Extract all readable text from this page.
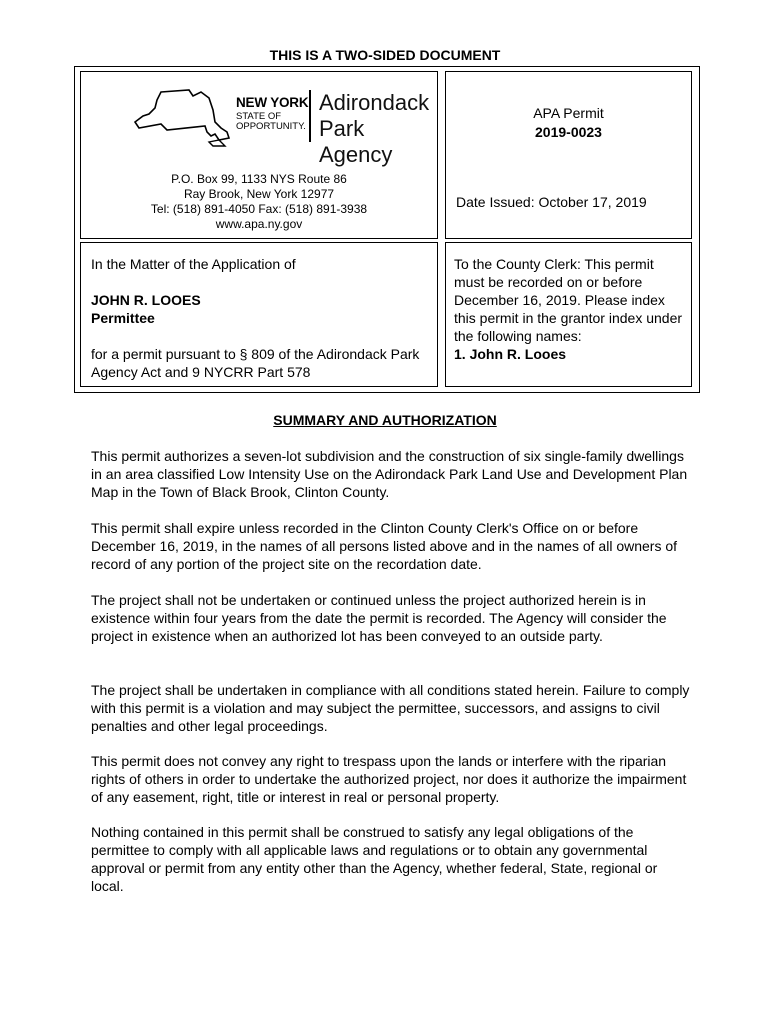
THIS IS A TWO-SIDED DOCUMENT
NEW YORK
STATE OF
OPPORTUNITY.
Adirondack
Park Agency
P.O. Box 99, 1133 NYS Route 86
Ray Brook, New York 12977
Tel: (518) 891-4050 Fax: (518) 891-3938
www.apa.ny.gov
APA Permit
2019-0023
Date Issued: October 17, 2019
In the Matter of the Application of
JOHN R. LOOES
Permittee
for a permit pursuant to § 809 of the Adirondack Park Agency Act and 9 NYCRR Part 578
To the County Clerk: This permit must be recorded on or before December 16, 2019. Please index this permit in the grantor index under the following names:
1. John R. Looes
SUMMARY AND AUTHORIZATION

This permit authorizes a seven-lot subdivision and the construction of six single-family dwellings in an area classified Low Intensity Use on the Adirondack Park Land Use and Development Plan Map in the Town of Black Brook, Clinton County.

This permit shall expire unless recorded in the Clinton County Clerk's Office on or before December 16, 2019, in the names of all persons listed above and in the names of all owners of record of any portion of the project site on the recordation date.

The project shall not be undertaken or continued unless the project authorized herein is in existence within four years from the date the permit is recorded. The Agency will consider the project in existence when an authorized lot has been conveyed to an outside party.

The project shall be undertaken in compliance with all conditions stated herein. Failure to comply with this permit is a violation and may subject the permittee, successors, and assigns to civil penalties and other legal proceedings.

This permit does not convey any right to trespass upon the lands or interfere with the riparian rights of others in order to undertake the authorized project, nor does it authorize the impairment of any easement, right, title or interest in real or personal property.

Nothing contained in this permit shall be construed to satisfy any legal obligations of the permittee to comply with all applicable laws and regulations or to obtain any governmental approval or permit from any entity other than the Agency, whether federal, State, regional or local.
